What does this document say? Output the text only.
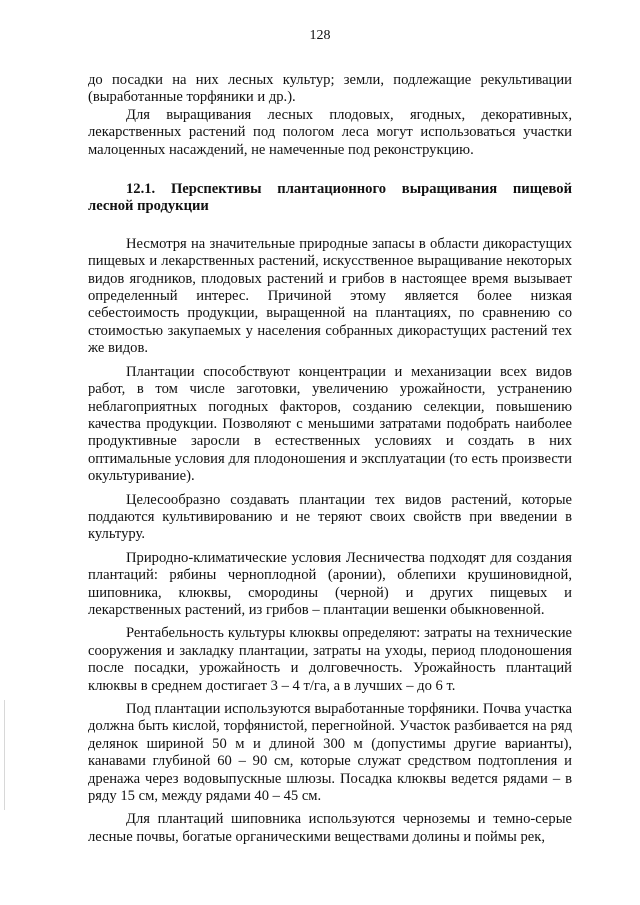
128

до посадки на них лесных культур; земли, подлежащие рекультивации (выработанные торфяники и др.).

Для выращивания лесных плодовых, ягодных, декоративных, лекарственных растений под пологом леса могут использоваться участки малоценных насаждений, не намеченные под реконструкцию.

12.1. Перспективы плантационного выращивания пищевой лесной продукции

Несмотря на значительные природные запасы в области дикорастущих пищевых и лекарственных растений, искусственное выращивание некоторых видов ягодников, плодовых растений и грибов в настоящее время вызывает определенный интерес. Причиной этому является более низкая себестоимость продукции, выращенной на плантациях, по сравнению со стоимостью закупаемых у населения собранных дикорастущих растений тех же видов.

Плантации способствуют концентрации и механизации всех видов работ, в том числе заготовки, увеличению урожайности, устранению неблагоприятных погодных факторов, созданию селекции, повышению качества продукции. Позволяют с меньшими затратами подобрать наиболее продуктивные заросли в естественных условиях и создать в них оптимальные условия для плодоношения и эксплуатации (то есть произвести окультуривание).

Целесообразно создавать плантации тех видов растений, которые поддаются культивированию и не теряют своих свойств при введении в культуру.

Природно-климатические условия Лесничества подходят для создания плантаций: рябины черноплодной (аронии), облепихи крушиновидной, шиповника, клюквы, смородины (черной) и других пищевых и лекарственных растений, из грибов – плантации вешенки обыкновенной.

Рентабельность культуры клюквы определяют: затраты на технические сооружения и закладку плантации, затраты на уходы, период плодоношения после посадки, урожайность и долговечность. Урожайность плантаций клюквы в среднем достигает 3 – 4 т/га, а в лучших – до 6 т.

Под плантации используются выработанные торфяники. Почва участка должна быть кислой, торфянистой, перегнойной. Участок разбивается на ряд делянок шириной 50 м и длиной 300 м (допустимы другие варианты), канавами глубиной 60 – 90 см, которые служат средством подтопления и дренажа через водовыпускные шлюзы. Посадка клюквы ведется рядами – в ряду 15 см, между рядами 40 – 45 см.

Для плантаций шиповника используются черноземы и темно-серые лесные почвы, богатые органическими веществами долины и поймы рек,
